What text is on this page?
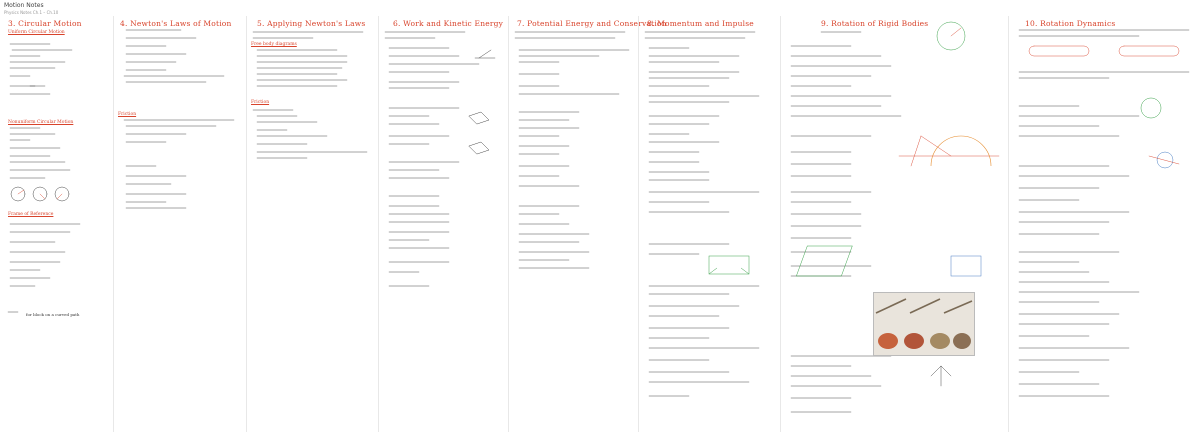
Motion Notes
Physics Notes Ch.1 – Ch.10
3. Circular Motion
Uniform Circular Motion
Nonuniform Circular Motion
Frame of Reference
for block on a curved path
4. Newton's Laws of Motion
Friction
5. Applying Newton's Laws
Free body diagrams
Friction
6. Work and Kinetic Energy 7. Potential Energy and Conservation
8. Momentum and Impulse	9. Rotation of Rigid Bodies	10. Rotation Dynamics
